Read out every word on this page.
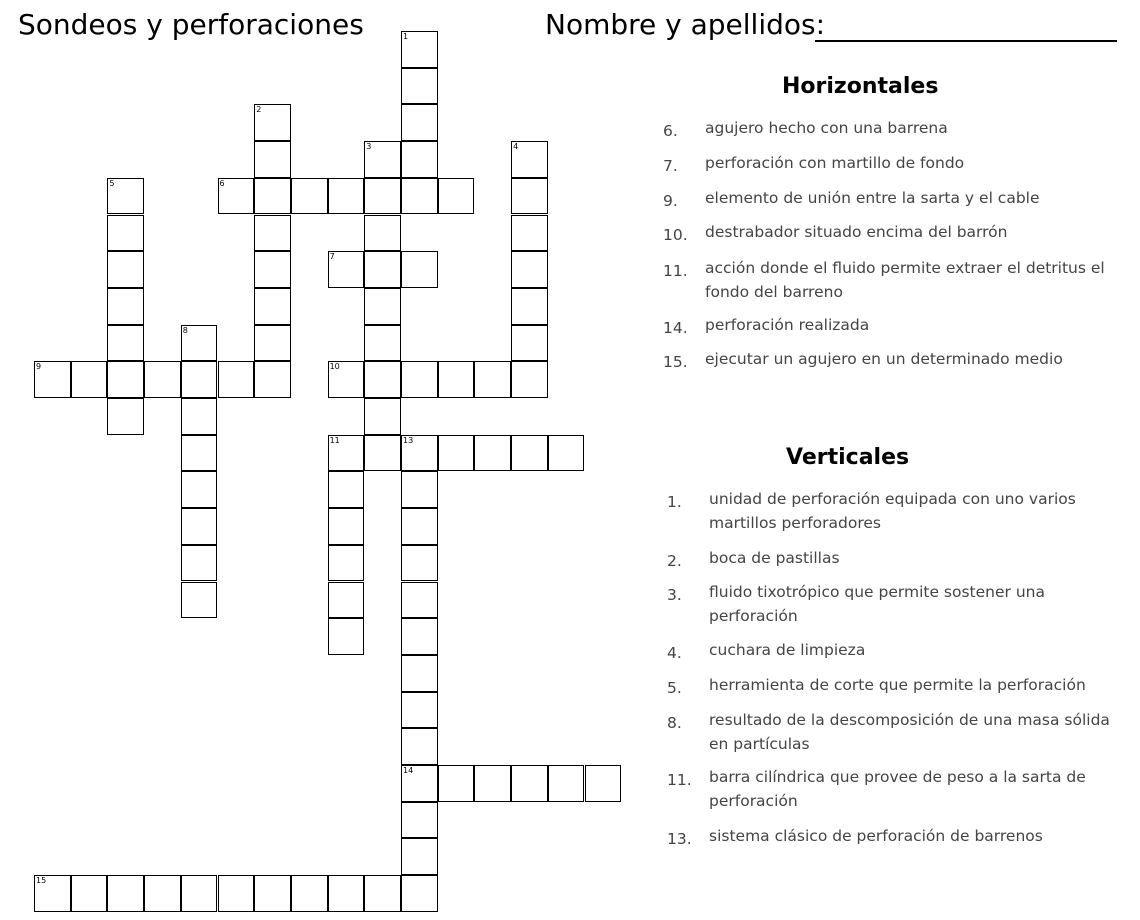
Sondeos y perforaciones	Nombre y apellidos:
1
2
3	4
5	6
7
8
9	10
11	13
14
15
Horizontales
6.	agujero hecho con una barrena
7.	perforación con martillo de fondo
9.	elemento de unión entre la sarta y el cable
10.	destrabador situado encima del barrón
11.	acción donde el fluido permite extraer el detritus el fondo del barreno
14.	perforación realizada
15.	ejecutar un agujero en un determinado medio
Verticales
1.	unidad de perforación equipada con uno varios martillos perforadores
2.	boca de pastillas
3.	fluido tixotrópico que permite sostener una perforación
4.	cuchara de limpieza
5.	herramienta de corte que permite la perforación
8.	resultado de la descomposición de una masa sólida en partículas
11.	barra cilíndrica que provee de peso a la sarta de perforación
13.	sistema clásico de perforación de barrenos
